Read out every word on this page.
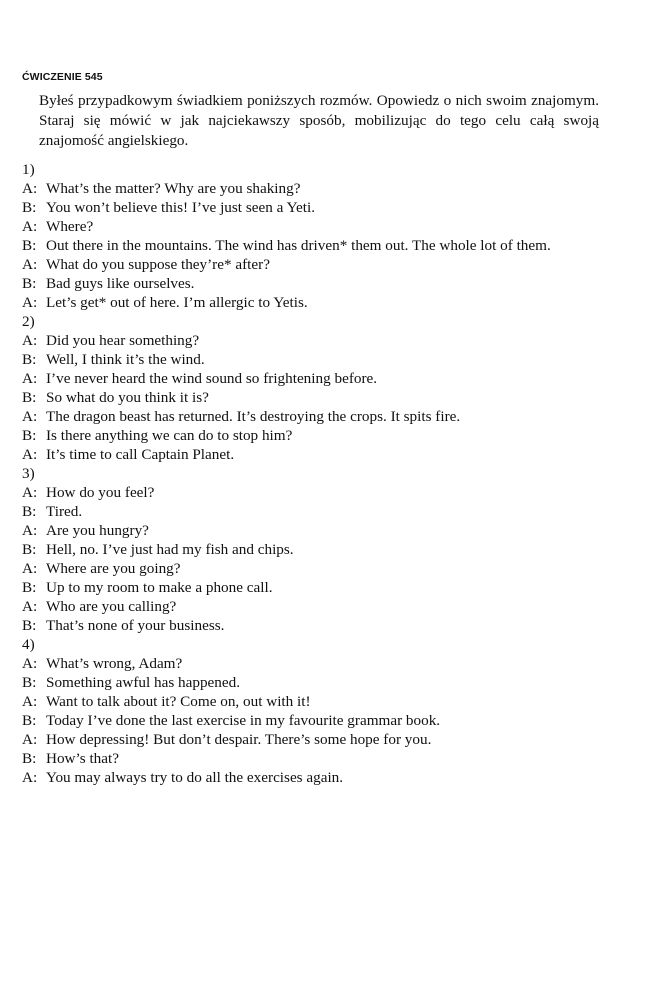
ĆWICZENIE 545
Byłeś przypadkowym świadkiem poniższych rozmów. Opowiedz o nich swoim znajomym. Staraj się mówić w jak najciekawszy sposób, mobilizując do tego celu całą swoją znajomość angielskiego.
1)
A: What’s the matter? Why are you shaking?
B: You won’t believe this! I’ve just seen a Yeti.
A: Where?
B: Out there in the mountains. The wind has driven* them out. The whole lot of them.
A: What do you suppose they’re* after?
B: Bad guys like ourselves.
A: Let’s get* out of here. I’m allergic to Yetis.
2)
A: Did you hear something?
B: Well, I think it’s the wind.
A: I’ve never heard the wind sound so frightening before.
B: So what do you think it is?
A: The dragon beast has returned. It’s destroying the crops. It spits fire.
B: Is there anything we can do to stop him?
A: It’s time to call Captain Planet.
3)
A: How do you feel?
B: Tired.
A: Are you hungry?
B: Hell, no. I’ve just had my fish and chips.
A: Where are you going?
B: Up to my room to make a phone call.
A: Who are you calling?
B: That’s none of your business.
4)
A: What’s wrong, Adam?
B: Something awful has happened.
A: Want to talk about it? Come on, out with it!
B: Today I’ve done the last exercise in my favourite grammar book.
A: How depressing! But don’t despair. There’s some hope for you.
B: How’s that?
A: You may always try to do all the exercises again.
